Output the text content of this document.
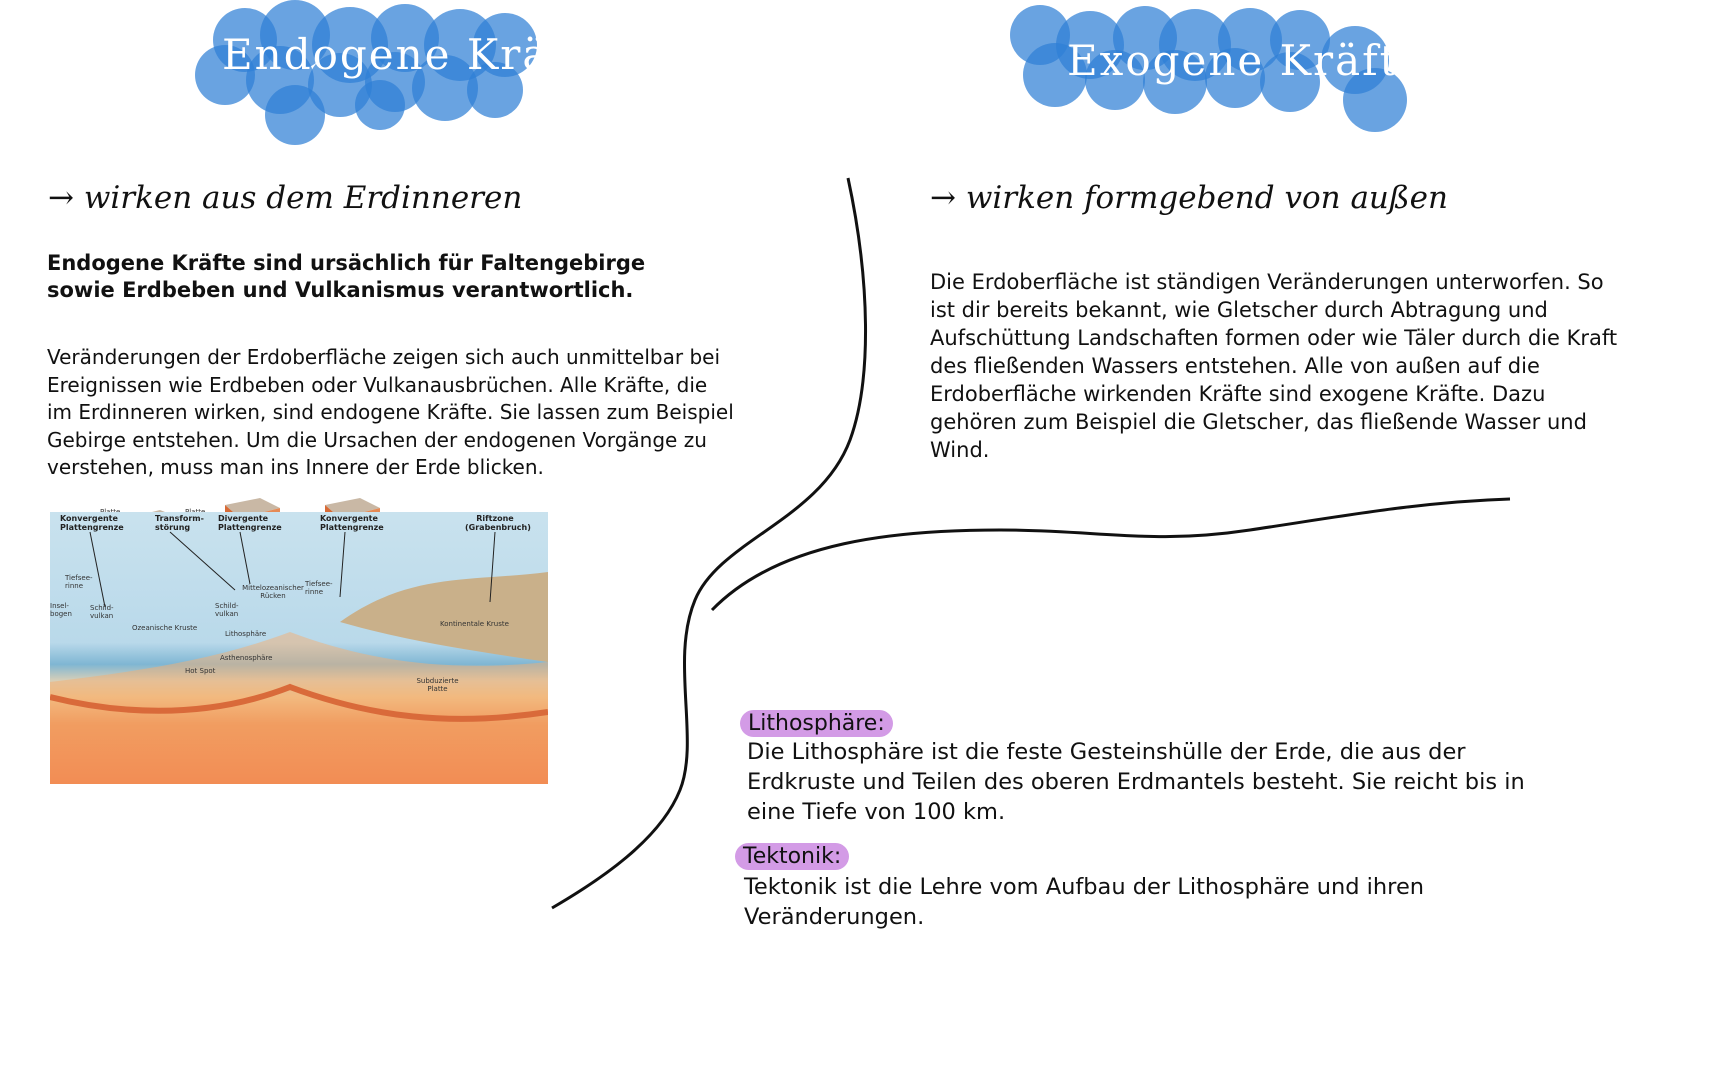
Endogene Kräfte	Exogene Kräfte
→ wirken aus dem Erdinneren
Endogene Kräfte sind ursächlich für Faltengebirge sowie Erdbeben und Vulkanismus verantwortlich.
Veränderungen der Erdoberfläche zeigen sich auch unmittelbar bei Ereignissen wie Erdbeben oder Vulkanausbrüchen. Alle Kräfte, die im Erdinneren wirken, sind endogene Kräfte. Sie lassen zum Beispiel Gebirge entstehen. Um die Ursachen der endogenen Vorgänge zu verstehen, muss man ins Innere der Erde blicken.
Konvergente Plattengrenze
Transform-störung
Divergente Plattengrenze
Konvergente Plattengrenze
Riftzone (Grabenbruch)
Tiefsee-rinne
Insel-bogen
Schild-vulkan
Mittelozeanischer Rücken
Tiefsee-rinne
Schild-vulkan
Ozeanische Kruste
Lithosphäre
Kontinentale Kruste
Asthenosphäre
Hot Spot
Subduzierte Platte
→ wirken formgebend von außen
Die Erdoberfläche ist ständigen Veränderungen unterworfen. So ist dir bereits bekannt, wie Gletscher durch Abtragung und Aufschüttung Landschaften formen oder wie Täler durch die Kraft des fließenden Wassers entstehen. Alle von außen auf die Erdoberfläche wirkenden Kräfte sind exogene Kräfte. Dazu gehören zum Beispiel die Gletscher, das fließende Wasser und Wind.
Lithosphäre:
Die Lithosphäre ist die feste Gesteinshülle der Erde, die aus der Erdkruste und Teilen des oberen Erdmantels besteht. Sie reicht bis in eine Tiefe von 100 km.
Tektonik:
Tektonik ist die Lehre vom Aufbau der Lithosphäre und ihren Veränderungen.
